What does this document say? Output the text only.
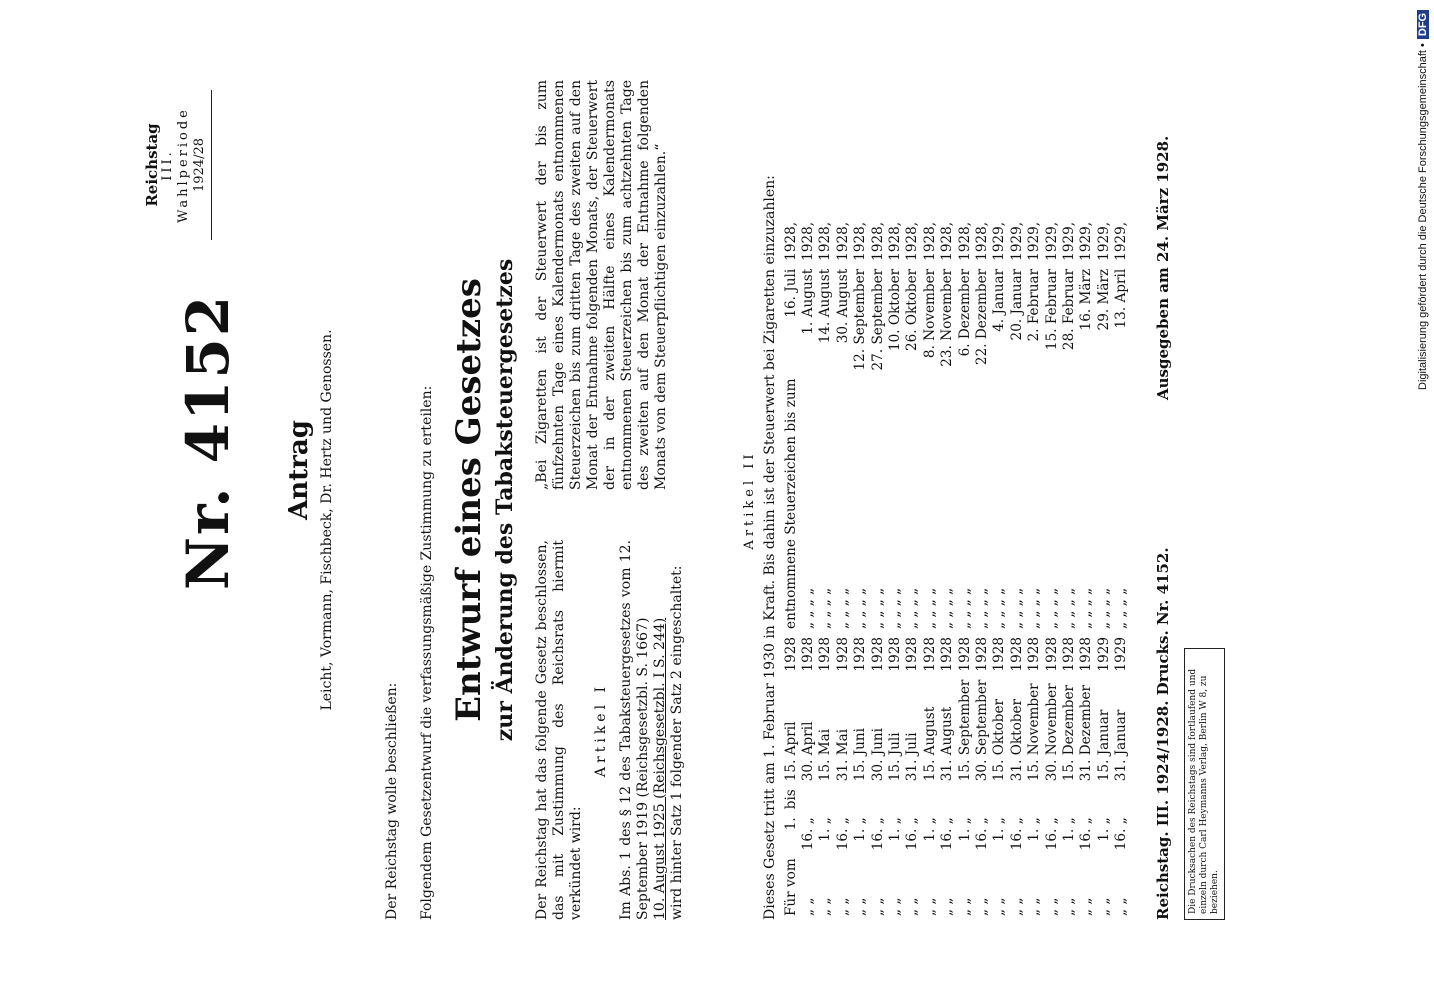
Reichstag III. Wahlperiode 1924/28
Nr. 4152 Antrag Leicht, Vormann, Fischbeck, Dr. Hertz und Genossen.
Der Reichstag wolle beschließen: Folgendem Gesetzentwurf die verfassungsmäßige Zustimmung zu erteilen: Entwurf eines Gesetzes zur Änderung des Tabaksteuergesetzes Der Reichstag hat das folgende Gesetz beschlossen, das mit Zustimmung des Reichsrats hiermit verkündet wird:
Artikel I Im Abs. 1 des § 12 des Tabaksteuergesetzes vom 12. September 1919 (Reichsgesetzbl. S. 1667) 10. August 1925 (Reichsgesetzbl. I S. 244) wird hinter Satz 1 folgender Satz 2 eingeschaltet:
„Bei Zigaretten ist der Steuerwert der bis zum fünfzehnten Tage eines Kalendermonats entnommenen Steuerzeichen bis zum dritten Tage des zweiten auf den Monat der Entnahme folgenden Monats, der Steuerwert der in der zweiten Hälfte eines Kalendermonats entnommenen Steuerzeichen bis zum achtzehnten Tage des zweiten auf den Monat der Entnahme folgenden Monats von dem Steuerpflichtigen einzuzahlen.“
Artikel II Dieses Gesetz tritt am 1. Februar 1930 in Kraft. Bis dahin ist der Steuerwert bei Zigaretten einzuzahlen: Für vom	1.	bis	15. April	1928	entnommene Steuerzeichen bis zum	16. Juli	1928,
„ „	16. „		30. April	1928	„ „ „ „	1. August	1928,
„ „	1. „		15. Mai	1928	„ „ „ „	14. August	1928,
„ „	16. „		31. Mai	1928	„ „ „ „	30. August	1928,
„ „	1. „		15. Juni	1928	„ „ „ „	12. September	1928,
„ „	16. „		30. Juni	1928	„ „ „ „	27. September	1928,
„ „	1. „		15. Juli	1928	„ „ „ „	10. Oktober	1928,
„ „	16. „		31. Juli	1928	„ „ „ „	26. Oktober	1928,
„ „	1. „		15. August	1928	„ „ „ „	8. November	1928,
„ „	16. „		31. August	1928	„ „ „ „	23. November	1928,
„ „	1. „		15. September	1928	„ „ „ „	6. Dezember	1928,
„ „	16. „		30. September	1928	„ „ „ „	22. Dezember	1928,
„ „	1. „		15. Oktober	1928	„ „ „ „	4. Januar	1929,
„ „	16. „		31. Oktober	1928	„ „ „ „	20. Januar	1929,
„ „	1. „		15. November	1928	„ „ „ „	2. Februar	1929,
„ „	16. „		30. November	1928	„ „ „ „	15. Februar	1929,
„ „	1. „		15. Dezember	1928	„ „ „ „	28. Februar	1929,
„ „	16. „		31. Dezember	1928	„ „ „ „	16. März	1929,
„ „	1. „		15. Januar	1929	„ „ „ „	29. März	1929,
„ „	16. „		31. Januar	1929	„ „ „ „	13. April	1929,
Reichstag. III. 1924/1928. Drucks. Nr. 4152.
Ausgegeben am 24. März 1928.
Die Drucksachen des Reichstags sind fortlaufend und einzeln durch Carl Heymanns Verlag, Berlin W 8, zu beziehen.
Digitalisierung gefördert durch die Deutsche Forschungsgemeinschaft •DFG
